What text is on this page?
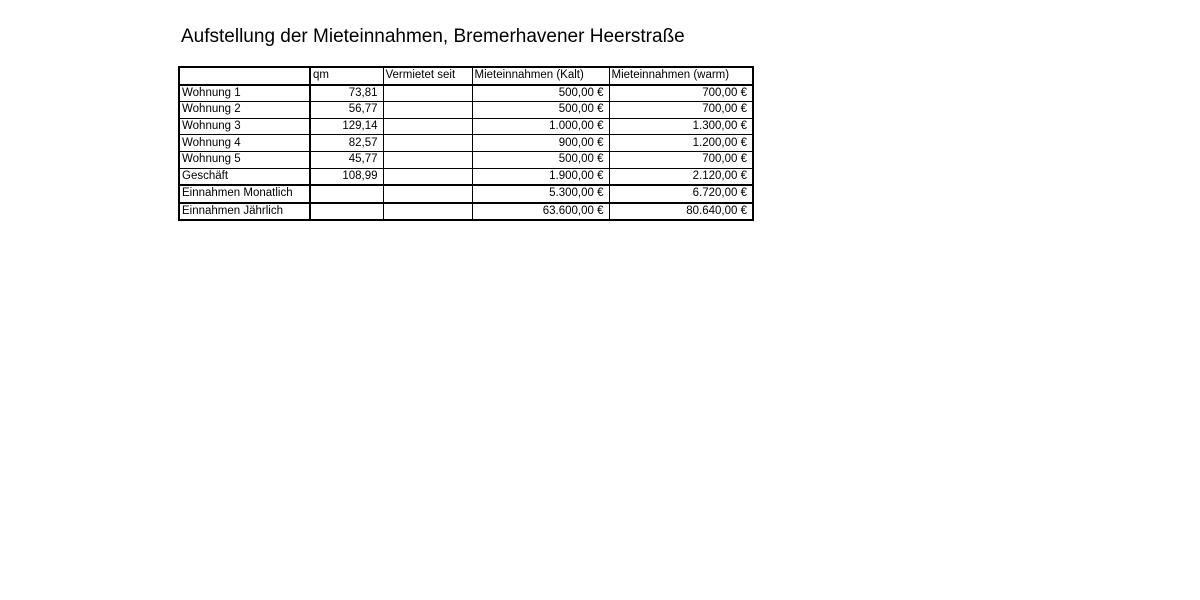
Aufstellung der Mieteinnahmen, Bremerhavener Heerstraße
	qm	Vermietet seit	Mieteinnahmen (Kalt)	Mieteinnahmen (warm)
Wohnung 1	73,81		500,00 €	700,00 €
Wohnung 2	56,77		500,00 €	700,00 €
Wohnung 3	129,14		1.000,00 €	1.300,00 €
Wohnung 4	82,57		900,00 €	1.200,00 €
Wohnung 5	45,77		500,00 €	700,00 €
Geschäft	108,99		1.900,00 €	2.120,00 €
Einnahmen Monatlich			5.300,00 €	6.720,00 €
Einnahmen Jährlich			63.600,00 €	80.640,00 €
